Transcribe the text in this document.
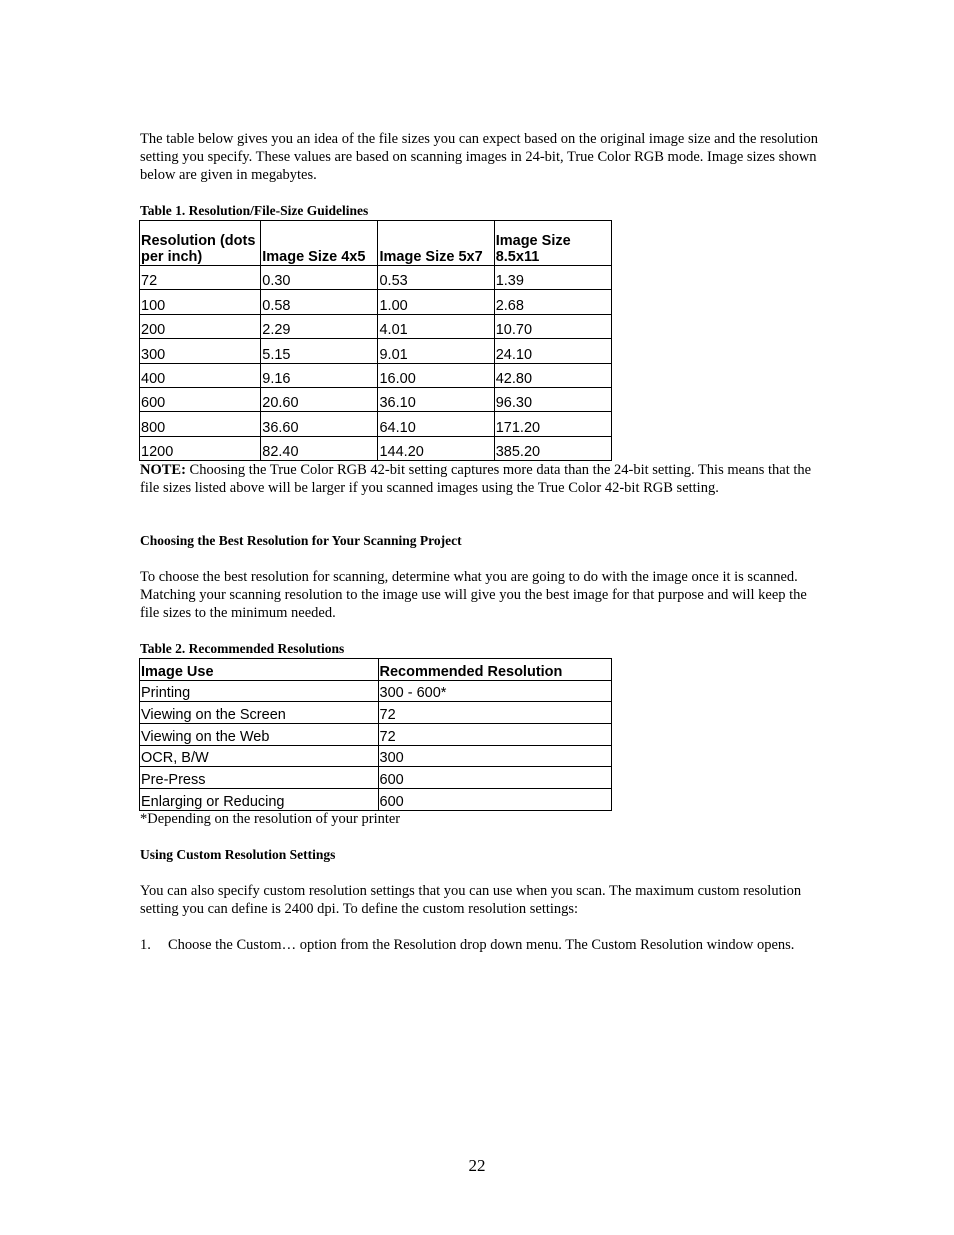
The table below gives you an idea of the file sizes you can expect based on the original image size and the resolution setting you specify. These values are based on scanning images in 24-bit, True Color RGB mode. Image sizes shown below are given in megabytes.

Table 1. Resolution/File-Size Guidelines

Resolution (dots per inch)	Image Size 4x5	Image Size 5x7	Image Size 8.5x11
72	0.30	0.53	1.39
100	0.58	1.00	2.68
200	2.29	4.01	10.70
300	5.15	9.01	24.10
400	9.16	16.00	42.80
600	20.60	36.10	96.30
800	36.60	64.10	171.20
1200	82.40	144.20	385.20

NOTE: Choosing the True Color RGB 42-bit setting captures more data than the 24-bit setting. This means that the file sizes listed above will be larger if you scanned images using the True Color 42-bit RGB setting.

Choosing the Best Resolution for Your Scanning Project

To choose the best resolution for scanning, determine what you are going to do with the image once it is scanned. Matching your scanning resolution to the image use will give you the best image for that purpose and will keep the file sizes to the minimum needed.

Table 2. Recommended Resolutions

Image Use	Recommended Resolution
Printing	300 - 600*
Viewing on the Screen	72
Viewing on the Web	72
OCR, B/W	300
Pre-Press	600
Enlarging or Reducing	600

*Depending on the resolution of your printer

Using Custom Resolution Settings

You can also specify custom resolution settings that you can use when you scan. The maximum custom resolution setting you can define is 2400 dpi. To define the custom resolution settings:

1. Choose the Custom… option from the Resolution drop down menu. The Custom Resolution window opens.
22
